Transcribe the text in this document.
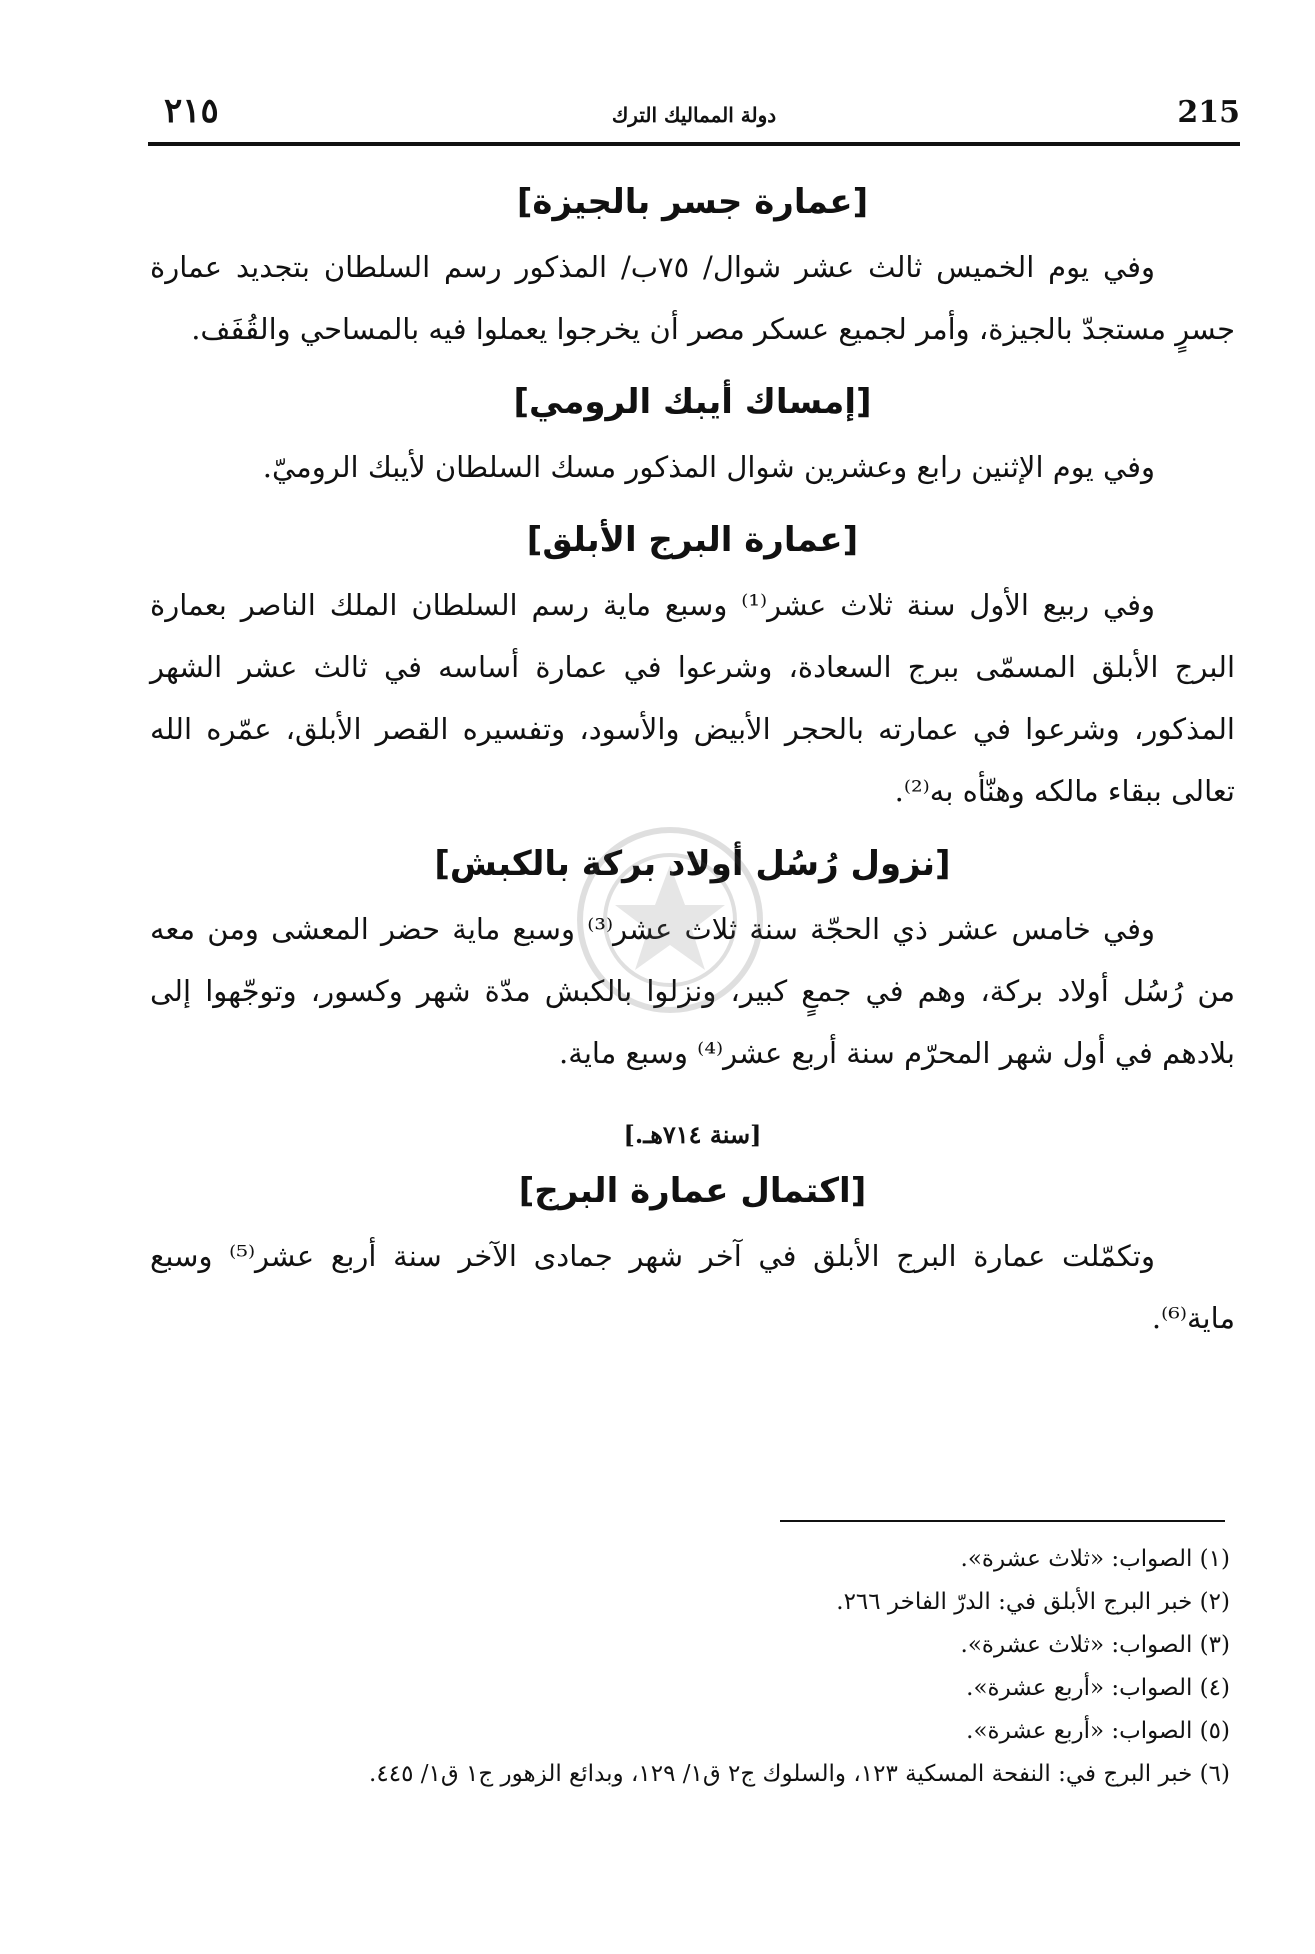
215
دولة المماليك الترك
٢١٥
[عمارة جسر بالجيزة]

وفي يوم الخميس ثالث عشر شوال/ ٧٥ب/ المذكور رسم السلطان بتجديد عمارة جسرٍ مستجدّ بالجيزة، وأمر لجميع عسكر مصر أن يخرجوا يعملوا فيه بالمساحي والقُفَف.

[إمساك أيبك الرومي]

وفي يوم الإثنين رابع وعشرين شوال المذكور مسك السلطان لأيبك الروميّ.

[عمارة البرج الأبلق]

وفي ربيع الأول سنة ثلاث عشر⁽¹⁾ وسبع ماية رسم السلطان الملك الناصر بعمارة البرج الأبلق المسمّى ببرج السعادة، وشرعوا في عمارة أساسه في ثالث عشر الشهر المذكور، وشرعوا في عمارته بالحجر الأبيض والأسود، وتفسيره القصر الأبلق، عمّره الله تعالى ببقاء مالكه وهنّأه به⁽²⁾.

[نزول رُسُل أولاد بركة بالكبش]

وفي خامس عشر ذي الحجّة سنة ثلاث عشر⁽³⁾ وسبع ماية حضر المعشى ومن معه من رُسُل أولاد بركة، وهم في جمعٍ كبير، ونزلوا بالكبش مدّة شهر وكسور، وتوجّهوا إلى بلادهم في أول شهر المحرّم سنة أربع عشر⁽⁴⁾ وسبع ماية.

[سنة ٧١٤هـ.]
[اكتمال عمارة البرج]

وتكمّلت عمارة البرج الأبلق في آخر شهر جمادى الآخر سنة أربع عشر⁽⁵⁾ وسبع ماية⁽⁶⁾.

(١) الصواب: «ثلاث عشرة».

(٢) خبر البرج الأبلق في: الدرّ الفاخر ٢٦٦.

(٣) الصواب: «ثلاث عشرة».

(٤) الصواب: «أربع عشرة».

(٥) الصواب: «أربع عشرة».

(٦) خبر البرج في: النفحة المسكية ١٢٣، والسلوك ج٢ ق١/ ١٢٩، وبدائع الزهور ج١ ق١/ ٤٤٥.
